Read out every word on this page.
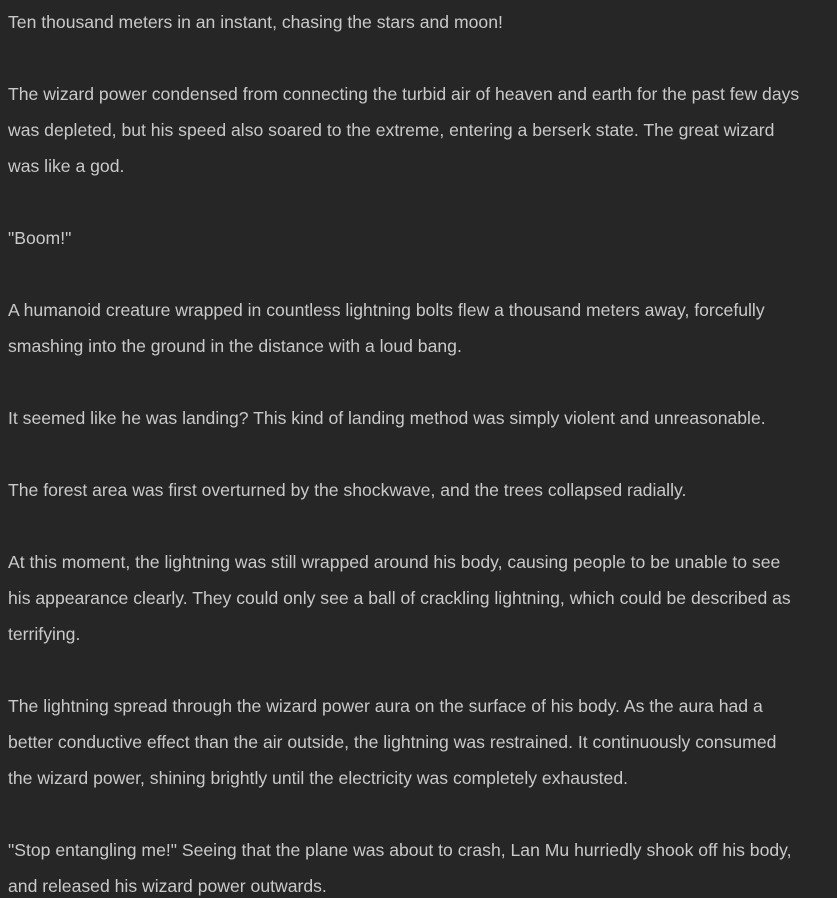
Ten thousand meters in an instant, chasing the stars and moon!

The wizard power condensed from connecting the turbid air of heaven and earth for the past few days was depleted, but his speed also soared to the extreme, entering a berserk state. The great wizard was like a god.

"Boom!"

A humanoid creature wrapped in countless lightning bolts flew a thousand meters away, forcefully smashing into the ground in the distance with a loud bang.

It seemed like he was landing? This kind of landing method was simply violent and unreasonable.

The forest area was first overturned by the shockwave, and the trees collapsed radially.

At this moment, the lightning was still wrapped around his body, causing people to be unable to see his appearance clearly. They could only see a ball of crackling lightning, which could be described as terrifying.

The lightning spread through the wizard power aura on the surface of his body. As the aura had a better conductive effect than the air outside, the lightning was restrained. It continuously consumed the wizard power, shining brightly until the electricity was completely exhausted.

"Stop entangling me!" Seeing that the plane was about to crash, Lan Mu hurriedly shook off his body, and released his wizard power outwards.
